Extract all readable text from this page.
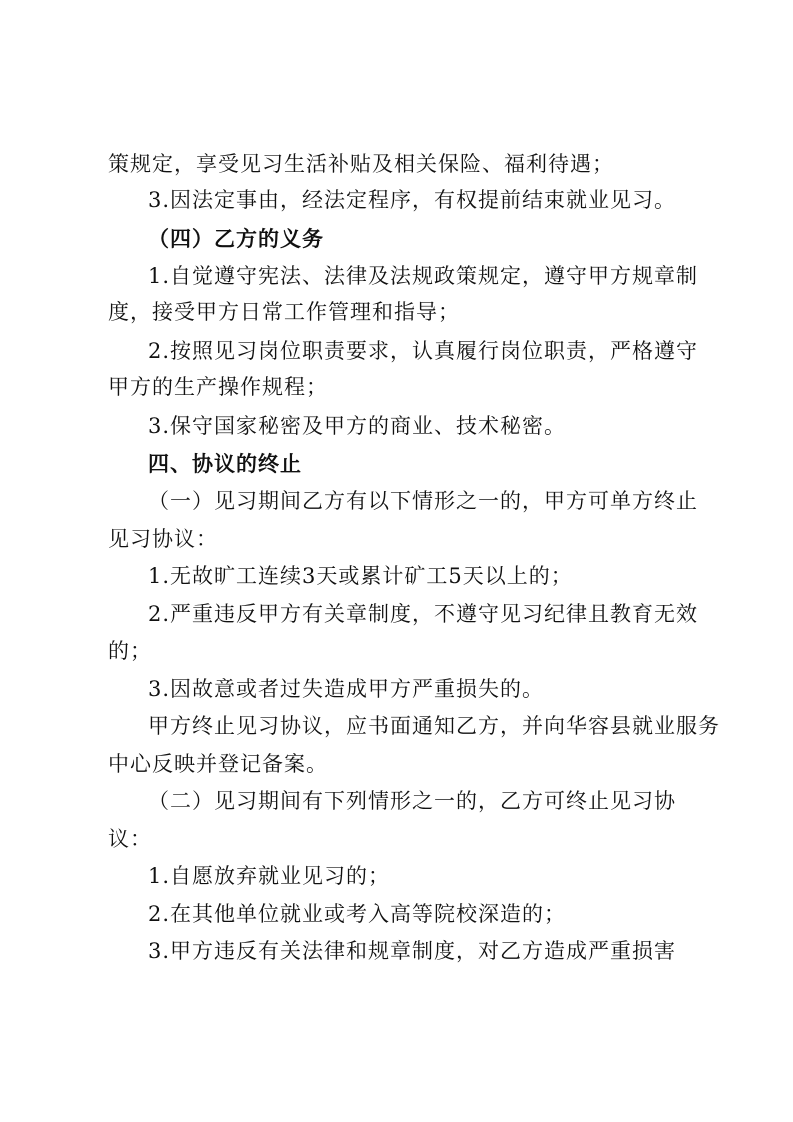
策规定，享受见习生活补贴及相关保险、福利待遇；
3.因法定事由，经法定程序，有权提前结束就业见习。
（四）乙方的义务
1.自觉遵守宪法、法律及法规政策规定，遵守甲方规章制
度，接受甲方日常工作管理和指导；
2.按照见习岗位职责要求，认真履行岗位职责，严格遵守
甲方的生产操作规程；
3.保守国家秘密及甲方的商业、技术秘密。
四、协议的终止
（一）见习期间乙方有以下情形之一的，甲方可单方终止
见习协议：
1.无故旷工连续3天或累计矿工5天以上的；
2.严重违反甲方有关章制度，不遵守见习纪律且教育无效
的；
3.因故意或者过失造成甲方严重损失的。
甲方终止见习协议，应书面通知乙方，并向华容县就业服务
中心反映并登记备案。
（二）见习期间有下列情形之一的，乙方可终止见习协
议：
1.自愿放弃就业见习的；
2.在其他单位就业或考入高等院校深造的；
3.甲方违反有关法律和规章制度，对乙方造成严重损害
